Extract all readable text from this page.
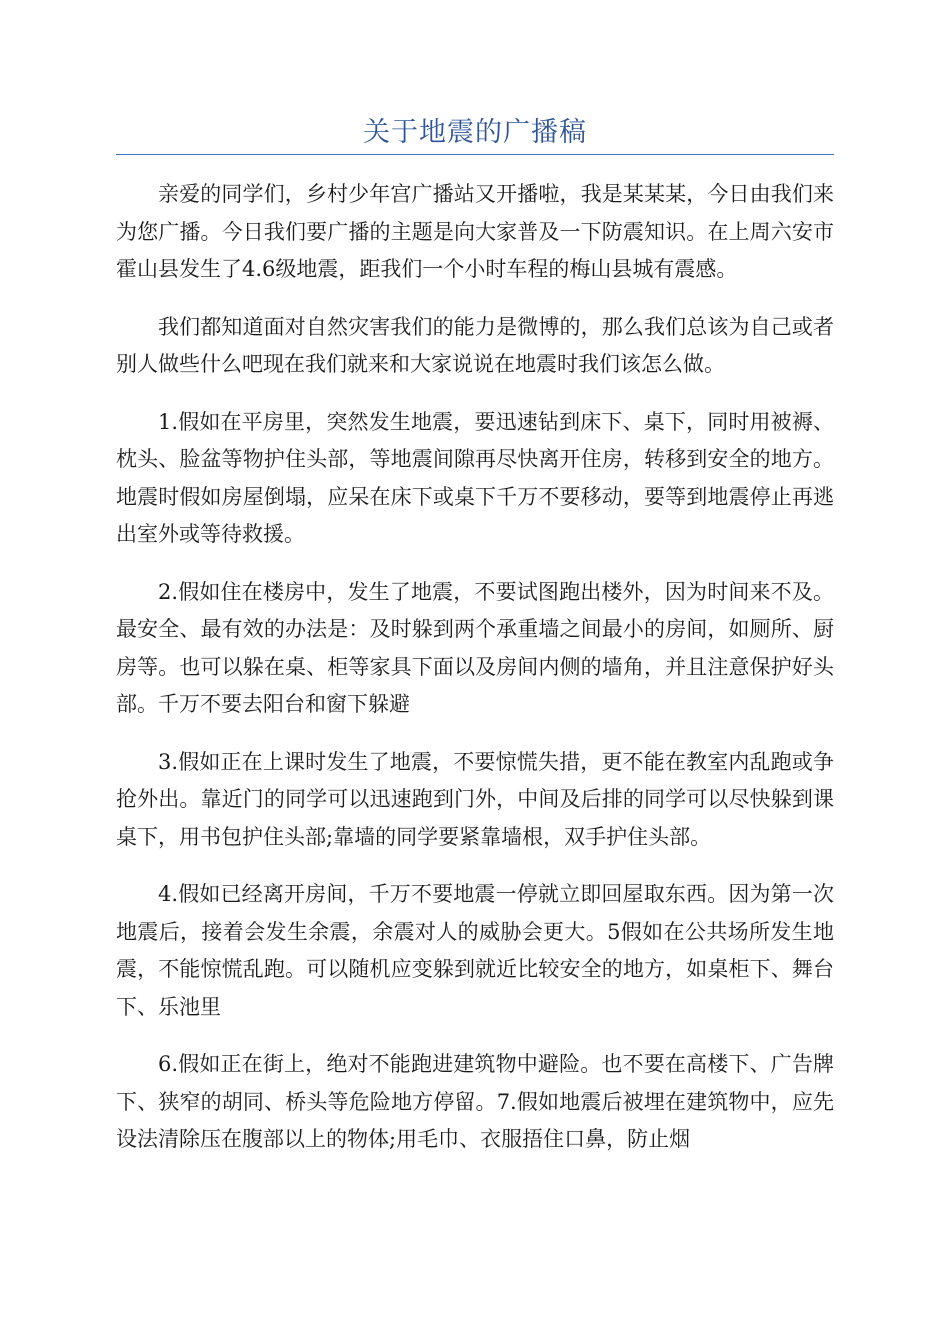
关于地震的广播稿

亲爱的同学们，乡村少年宫广播站又开播啦，我是某某某，今日由我们来为您广播。今日我们要广播的主题是向大家普及一下防震知识。在上周六安市霍山县发生了4.6级地震，距我们一个小时车程的梅山县城有震感。

我们都知道面对自然灾害我们的能力是微博的，那么我们总该为自己或者别人做些什么吧现在我们就来和大家说说在地震时我们该怎么做。

1.假如在平房里，突然发生地震，要迅速钻到床下、桌下，同时用被褥、枕头、脸盆等物护住头部，等地震间隙再尽快离开住房，转移到安全的地方。地震时假如房屋倒塌，应呆在床下或桌下千万不要移动，要等到地震停止再逃出室外或等待救援。

2.假如住在楼房中，发生了地震，不要试图跑出楼外，因为时间来不及。最安全、最有效的办法是：及时躲到两个承重墙之间最小的房间，如厕所、厨房等。也可以躲在桌、柜等家具下面以及房间内侧的墙角，并且注意保护好头部。千万不要去阳台和窗下躲避

3.假如正在上课时发生了地震，不要惊慌失措，更不能在教室内乱跑或争抢外出。靠近门的同学可以迅速跑到门外，中间及后排的同学可以尽快躲到课桌下，用书包护住头部;靠墙的同学要紧靠墙根，双手护住头部。

4.假如已经离开房间，千万不要地震一停就立即回屋取东西。因为第一次地震后，接着会发生余震，余震对人的威胁会更大。5假如在公共场所发生地震，不能惊慌乱跑。可以随机应变躲到就近比较安全的地方，如桌柜下、舞台下、乐池里

6.假如正在街上，绝对不能跑进建筑物中避险。也不要在高楼下、广告牌下、狭窄的胡同、桥头等危险地方停留。7.假如地震后被埋在建筑物中，应先设法清除压在腹部以上的物体;用毛巾、衣服捂住口鼻，防止烟
